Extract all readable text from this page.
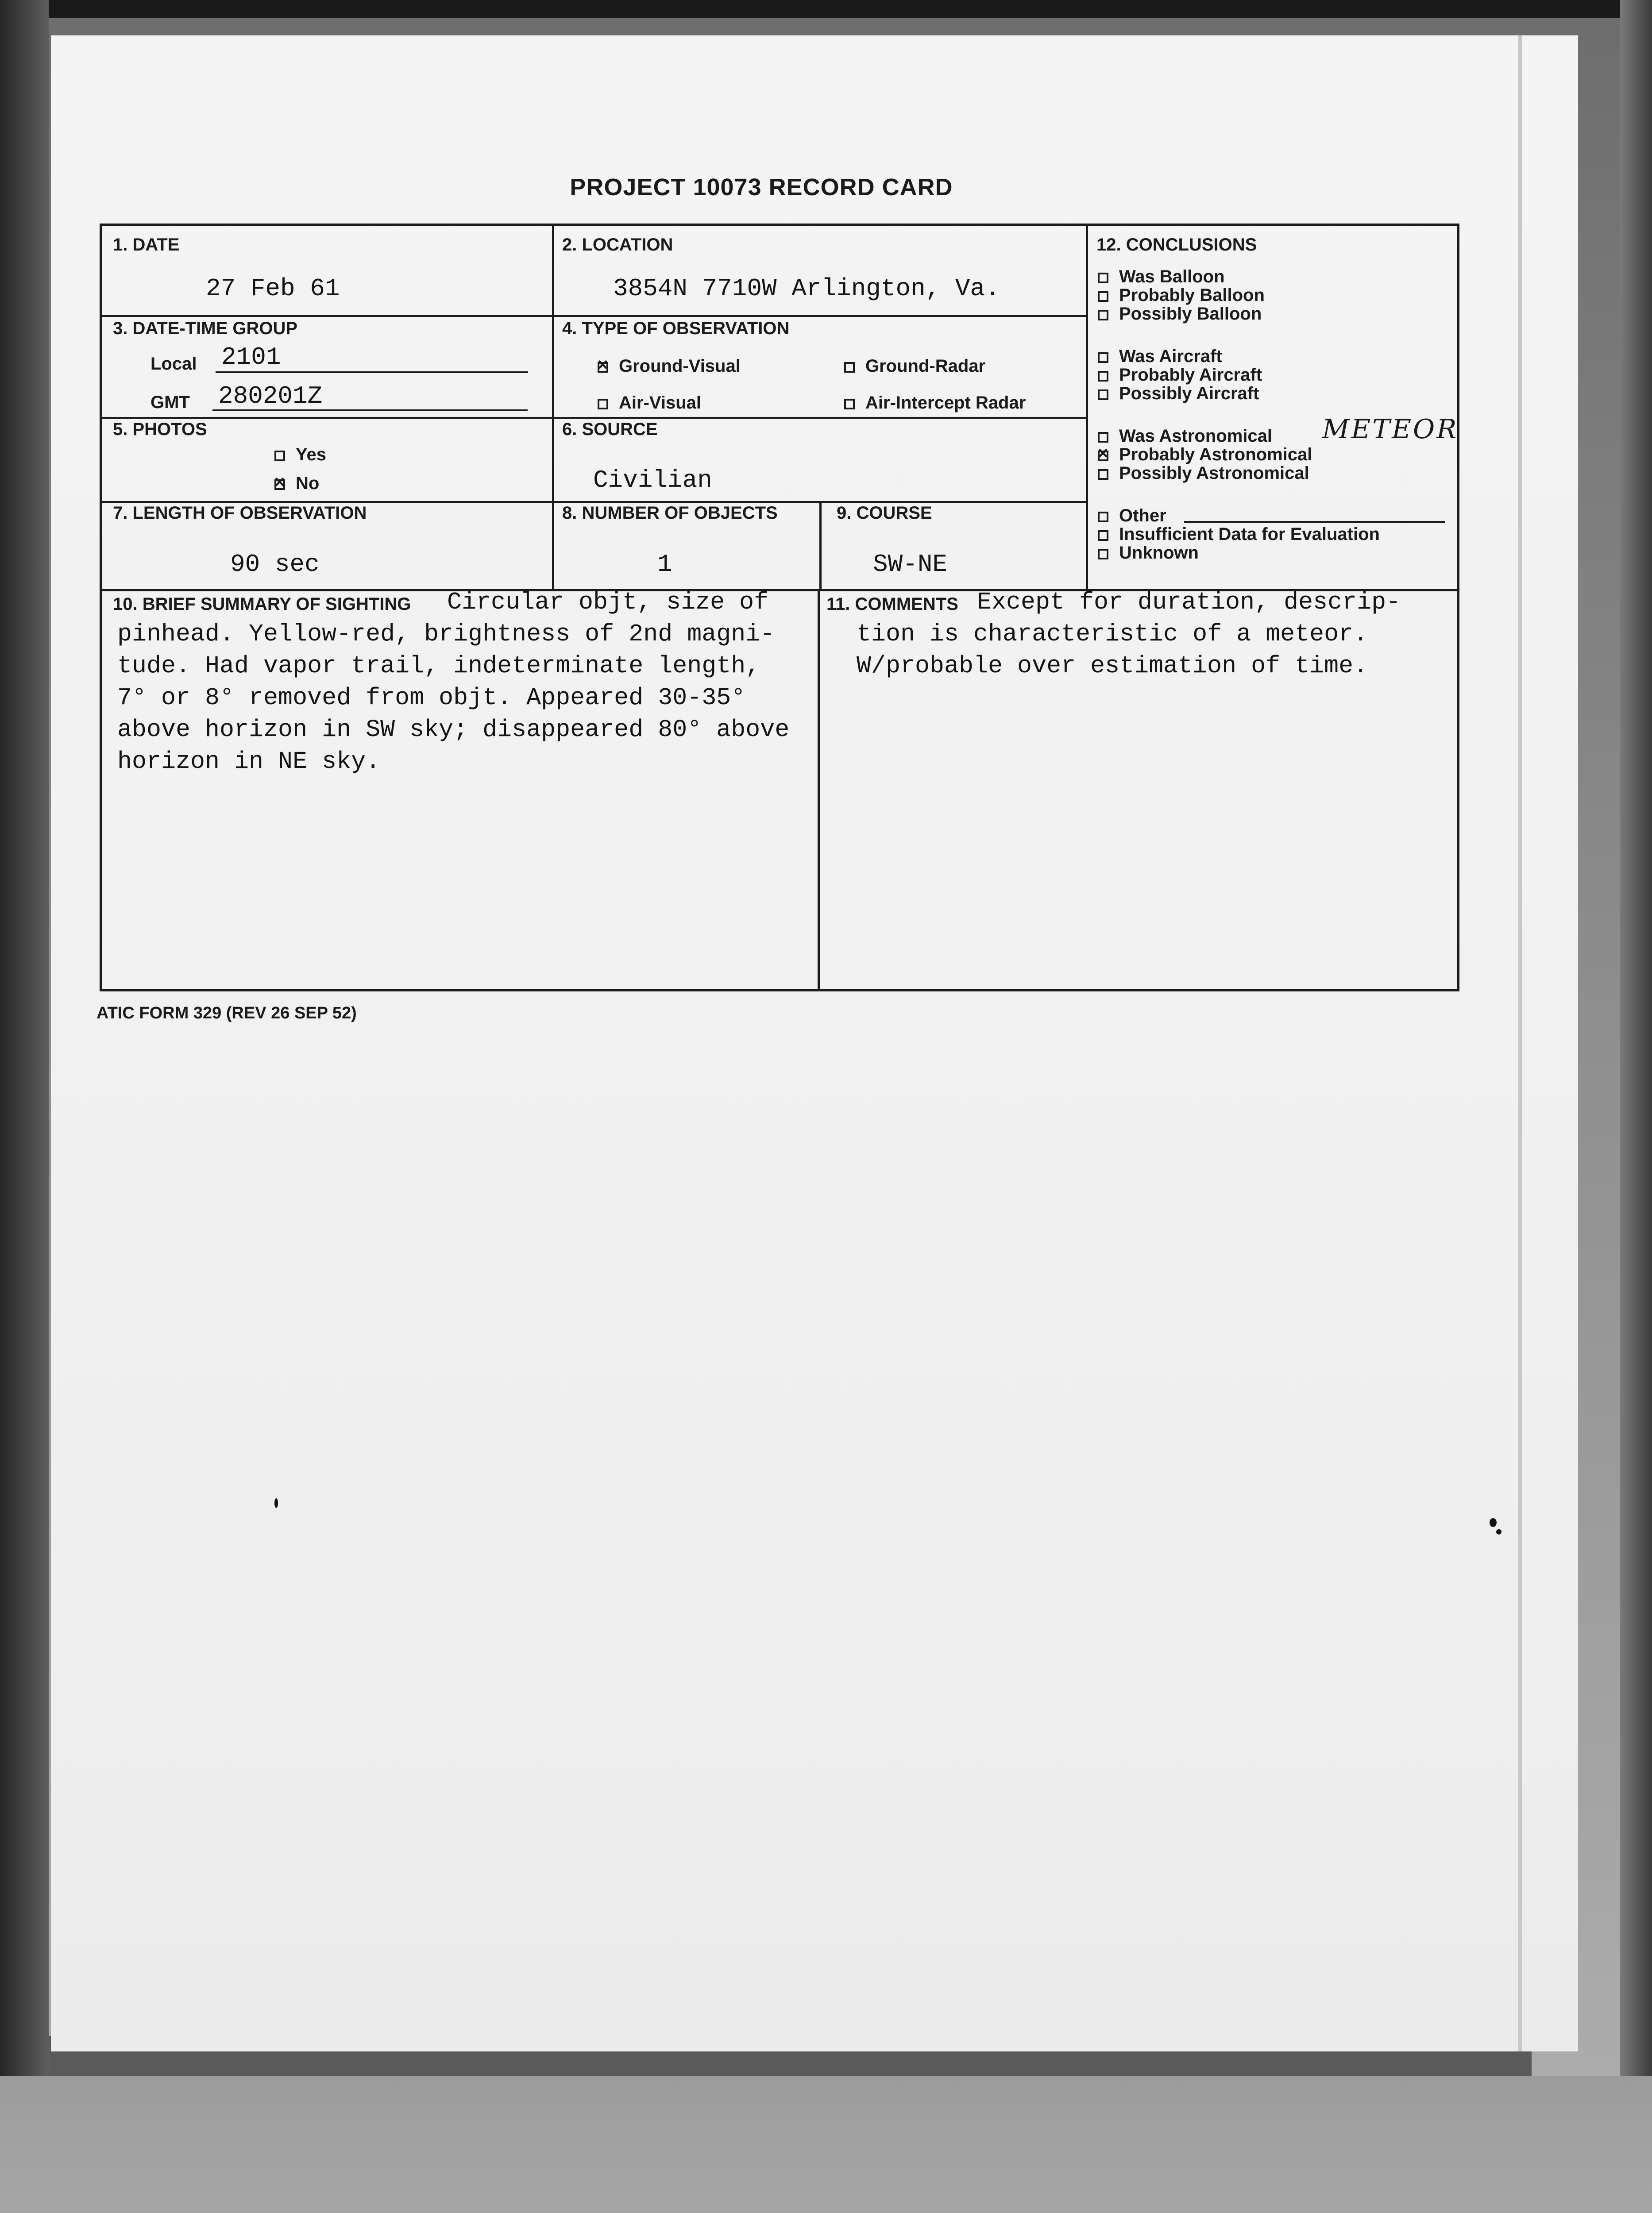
PROJECT 10073 RECORD CARD
1. DATE
27 Feb 61
2. LOCATION
3854N 7710W Arlington, Va.
3. DATE-TIME GROUP
Local 2101
GMT 280201Z
4. TYPE OF OBSERVATION
×Ground-Visual	Ground-Radar
Air-Visual	Air-Intercept Radar
5. PHOTOS
Yes
×No
6. SOURCE
Civilian
7. LENGTH OF OBSERVATION
90 sec
8. NUMBER OF OBJECTS
1
9. COURSE
SW-NE
12. CONCLUSIONS
Was Balloon
Probably Balloon
Possibly Balloon
Was Aircraft
Probably Aircraft
Possibly Aircraft
Was Astronomical METEOR
×Probably Astronomical
Possibly Astronomical
Other
Insufficient Data for Evaluation
Unknown
10. BRIEF SUMMARY OF SIGHTING Circular objt, size of
pinhead. Yellow-red, brightness of 2nd magni-
tude. Had vapor trail, indeterminate length,
7° or 8° removed from objt. Appeared 30-35°
above horizon in SW sky; disappeared 80° above
horizon in NE sky.
11. COMMENTS Except for duration, descrip-
tion is characteristic of a meteor.
W/probable over estimation of time.
ATIC FORM 329 (REV 26 SEP 52)
